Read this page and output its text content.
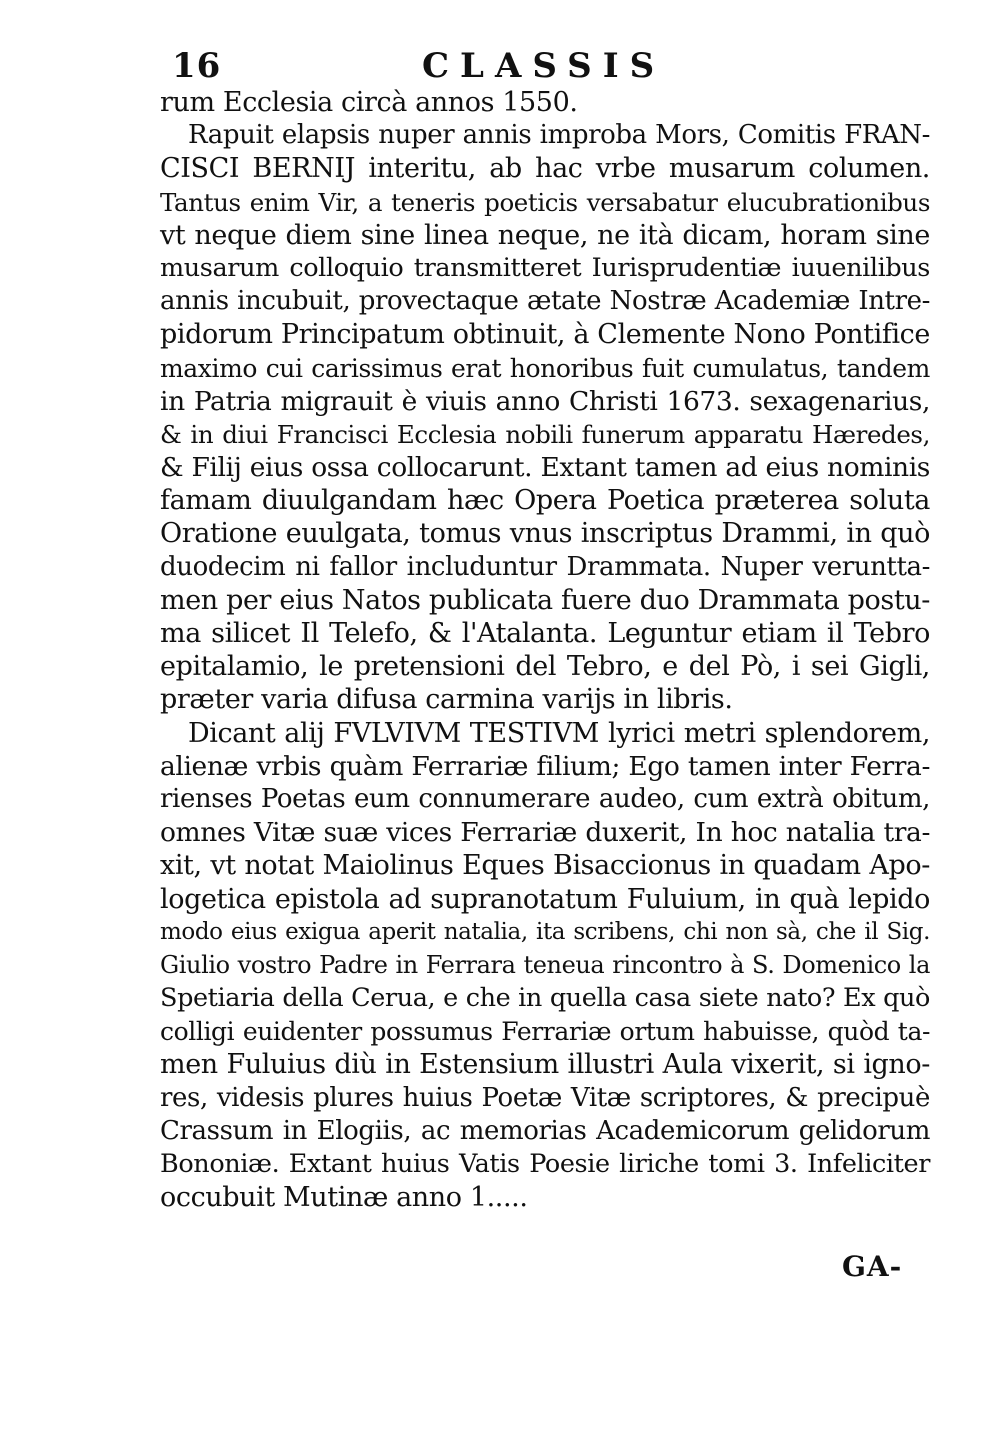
16	CLASSIS
rum Ecclesia circà annos 1550.
Rapuit elapsis nuper annis improba Mors, Comitis FRAN-
CISCI BERNIJ interitu, ab hac vrbe musarum columen.
Tantus enim Vir, a teneris poeticis versabatur elucubrationibus
vt neque diem sine linea neque, ne ità dicam, horam sine
musarum colloquio transmitteret Iurisprudentiæ iuuenilibus
annis incubuit, provectaque ætate Nostræ Academiæ Intre-
pidorum Principatum obtinuit, à Clemente Nono Pontifice
maximo cui carissimus erat honoribus fuit cumulatus, tandem
in Patria migrauit è viuis anno Christi 1673. sexagenarius,
& in diui Francisci Ecclesia nobili funerum apparatu Hæredes,
& Filij eius ossa collocarunt. Extant tamen ad eius nominis
famam diuulgandam hæc Opera Poetica præterea soluta
Oratione euulgata, tomus vnus inscriptus Drammi, in quò
duodecim ni fallor includuntur Drammata. Nuper veruntta-
men per eius Natos publicata fuere duo Drammata postu-
ma silicet Il Telefo, & l'Atalanta. Leguntur etiam il Tebro
epitalamio, le pretensioni del Tebro, e del Pò, i sei Gigli,
præter varia difusa carmina varijs in libris.
Dicant alij FVLVIVM TESTIVM lyrici metri splendorem,
alienæ vrbis quàm Ferrariæ filium; Ego tamen inter Ferra-
rienses Poetas eum connumerare audeo, cum extrà obitum,
omnes Vitæ suæ vices Ferrariæ duxerit, In hoc natalia tra-
xit, vt notat Maiolinus Eques Bisaccionus in quadam Apo-
logetica epistola ad supranotatum Fuluium, in quà lepido
modo eius exigua aperit natalia, ita scribens, chi non sà, che il Sig.
Giulio vostro Padre in Ferrara teneua rincontro à S. Domenico la
Spetiaria della Ceruа, e che in quella casa siete nato? Ex quò
colligi euidenter possumus Ferrariæ ortum habuisse, quòd ta-
men Fuluius diù in Estensium illustri Aula vixerit, si igno-
res, videsis plures huius Poetæ Vitæ scriptores, & precipuè
Crassum in Elogiis, ac memorias Academicorum gelidorum
Bononiæ. Extant huius Vatis Poesie liriche tomi 3. Infeliciter
occubuit Mutinæ anno 1.....
GA-
